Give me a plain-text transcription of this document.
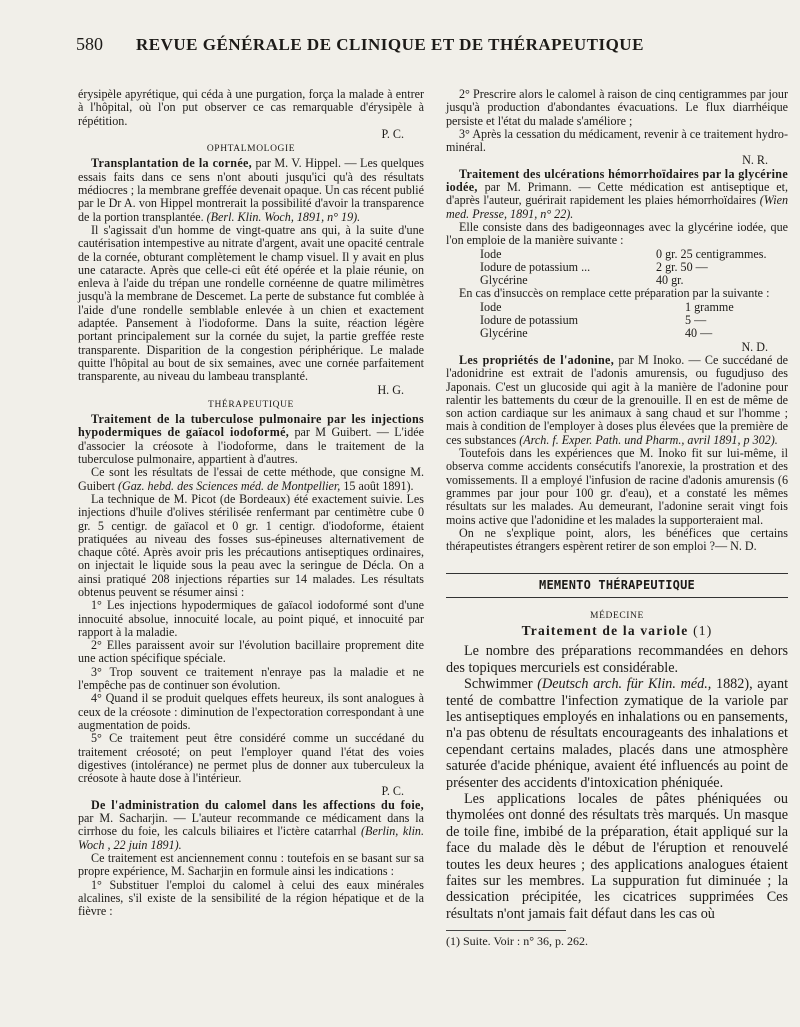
580	REVUE GÉNÉRALE DE CLINIQUE ET DE THÉRAPEUTIQUE

érysipèle apyrétique, qui céda à une purgation, força la malade à entrer à l'hôpital, où l'on put observer ce cas remarquable d'érysipèle à répétition.

P. C.
OPHTALMOLOGIE

Transplantation de la cornée, par M. V. Hippel. — Les quelques essais faits dans ce sens n'ont abouti jusqu'ici qu'à des résultats médiocres ; la membrane greffée devenait opaque. Un cas récent publié par le Dr A. von Hippel montrerait la possibilité d'avoir la transparence de la portion transplantée. (Berl. Klin. Woch, 1891, n° 19).

Il s'agissait d'un homme de vingt-quatre ans qui, à la suite d'une cautérisation intempestive au nitrate d'argent, avait une opacité centrale de la cornée, obturant complètement le champ visuel. Il y avait en plus une cataracte. Après que celle-ci eût été opérée et la plaie réunie, on enleva à l'aide du trépan une rondelle cornéenne de quatre milimètres jusqu'à la membrane de Descemet. La perte de substance fut comblée à l'aide d'une rondelle semblable enlevée à un chien et exactement adaptée. Pansement à l'iodoforme. Dans la suite, réaction légère portant principalement sur la cornée du sujet, la partie greffée reste transparente. Disparition de la congestion périphérique. Le malade quitte l'hôpital au bout de six semaines, avec une cornée parfaitement transparente, au niveau du lambeau transplanté.

H. G.
THÉRAPEUTIQUE

Traitement de la tuberculose pulmonaire par les injections hypodermiques de gaïacol iodoformé, par M Guibert. — L'idée d'associer la créosote à l'iodoforme, dans le traitement de la tuberculose pulmonaire, appartient à d'autres.

Ce sont les résultats de l'essai de cette méthode, que consigne M. Guibert (Gaz. hebd. des Sciences méd. de Montpellier, 15 août 1891).

La technique de M. Picot (de Bordeaux) été exactement suivie. Les injections d'huile d'olives stérilisée renfermant par centimètre cube 0 gr. 5 centigr. de gaïacol et 0 gr. 1 centigr. d'iodoforme, étaient pratiquées au niveau des fosses sus-épineuses alternativement de chaque côté. Après avoir pris les précautions antiseptiques ordinaires, on injectait le liquide sous la peau avec la seringue de Décla. On a ainsi pratiqué 208 injections réparties sur 14 malades. Les résultats obtenus peuvent se résumer ainsi :

1° Les injections hypodermiques de gaïacol iodoformé sont d'une innocuité absolue, innocuité locale, au point piqué, et innocuité par rapport à la maladie.

2° Elles paraissent avoir sur l'évolution bacillaire proprement dite une action spécifique spéciale.

3° Trop souvent ce traitement n'enraye pas la maladie et ne l'empêche pas de continuer son évolution.

4° Quand il se produit quelques effets heureux, ils sont analogues à ceux de la créosote : diminution de l'expectoration correspondant à une augmentation de poids.

5° Ce traitement peut être considéré comme un succédané du traitement créosoté; on peut l'employer quand l'état des voies digestives (intolérance) ne permet plus de donner aux tuberculeux la créosote à haute dose à l'intérieur.

P. C.

De l'administration du calomel dans les affections du foie, par M. Sacharjin. — L'auteur recommande ce médicament dans la cirrhose du foie, les calculs biliaires et l'ictère catarrhal (Berlin, klin. Woch , 22 juin 1891).

Ce traitement est anciennement connu : toutefois en se basant sur sa propre expérience, M. Sacharjin en formule ainsi les indications :

1° Substituer l'emploi du calomel à celui des eaux minérales alcalines, s'il existe de la sensibilité de la région hépatique et de la fièvre :

2° Prescrire alors le calomel à raison de cinq centigrammes par jour jusqu'à production d'abondantes évacuations. Le flux diarrhéique persiste et l'état du malade s'améliore ;

3° Après la cessation du médicament, revenir à ce traitement hydro-minéral.

N. R.

Traitement des ulcérations hémorrhoïdaires par la glycérine iodée, par M. Primann. — Cette médication est antiseptique et, d'après l'auteur, guérirait rapidement les plaies hémorrhoïdaires (Wien med. Presse, 1891, n° 22).

Elle consiste dans des badigeonnages avec la glycérine iodée, que l'on emploie de la manière suivante :

Iode	0 gr. 25 centigrammes.
Iodure de potassium ...	2 gr. 50 —
Glycérine	40 gr.

En cas d'insuccès on remplace cette préparation par la suivante :

Iode	1 gramme
Iodure de potassium	5 —
Glycérine	40 —
N. D.

Les propriétés de l'adonine, par M Inoko. — Ce succédané de l'adonidrine est extrait de l'adonis amurensis, ou fugudjuso des Japonais. C'est un glucoside qui agit à la manière de l'adonine pour ralentir les battements du cœur de la grenouille. Il en est de même de son action cardiaque sur les animaux à sang chaud et sur l'homme ; mais à condition de l'employer à doses plus élevées que la première de ces substances (Arch. f. Exper. Path. und Pharm., avril 1891, p 302).

Toutefois dans les expériences que M. Inoko fit sur lui-même, il observa comme accidents consécutifs l'anorexie, la prostration et des vomissements. Il a employé l'infusion de racine d'adonis amurensis (6 grammes par jour pour 100 gr. d'eau), et a constaté les mêmes résultats sur les malades. Au demeurant, l'adonine serait vingt fois moins active que l'adonidine et les malades la supporteraient mal.

On ne s'explique point, alors, les bénéfices que certains thérapeutistes étrangers espèrent retirer de son emploi ?— N. D.

MEMENTO THÉRAPEUTIQUE
MÉDECINE
Traitement de la variole (1)

Le nombre des préparations recommandées en dehors des topiques mercuriels est considérable.

Schwimmer (Deutsch arch. für Klin. méd., 1882), ayant tenté de combattre l'infection zymatique de la variole par les antiseptiques employés en inhalations ou en pansements, n'a pas obtenu de résultats encourageants des inhalations et cependant certains malades, placés dans une atmosphère saturée d'acide phénique, avaient été influencés au point de présenter des accidents d'intoxication phéniquée.

Les applications locales de pâtes phéniquées ou thymolées ont donné des résultats très marqués. Un masque de toile fine, imbibé de la préparation, était appliqué sur la face du malade dès le début de l'éruption et renouvelé toutes les deux heures ; des applications analogues étaient faites sur les membres. La suppuration fut diminuée ; la dessication précipitée, les cicatrices supprimées Ces résultats n'ont jamais fait défaut dans les cas où

(1) Suite. Voir : n° 36, p. 262.
